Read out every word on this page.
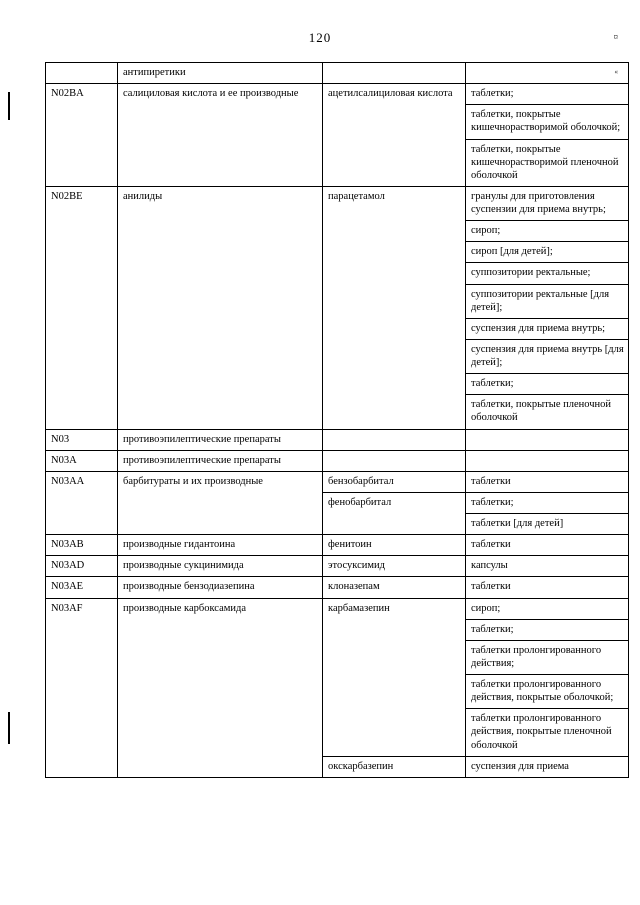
120	¤
«
	антипиретики		
N02BA	салициловая кислота и ее производные	ацетилсалициловая кислота	таблетки;
			таблетки, покрытые кишечнорастворимой оболочкой;
			таблетки, покрытые кишечнорастворимой пленочной оболочкой
N02BE	анилиды	парацетамол	гранулы для приготовления суспензии для приема внутрь;
			сироп;
			сироп [для детей];
			суппозитории ректальные;
			суппозитории ректальные [для детей];
			суспензия для приема внутрь;
			суспензия для приема внутрь [для детей];
			таблетки;
			таблетки, покрытые пленочной оболочкой
N03	противоэпилептические препараты		
N03A	противоэпилептические препараты		
N03AA	барбитураты и их производные	бензобарбитал	таблетки
		фенобарбитал	таблетки;
			таблетки [для детей]
N03AB	производные гидантоина	фенитоин	таблетки
N03AD	производные сукцинимида	этосуксимид	капсулы
N03AE	производные бензодиазепина	клоназепам	таблетки
N03AF	производные карбоксамида	карбамазепин	сироп;
			таблетки;
			таблетки пролонгированного действия;
			таблетки пролонгированного действия, покрытые оболочкой;
			таблетки пролонгированного действия, покрытые пленочной оболочкой
		окскарбазепин	суспензия для приема
